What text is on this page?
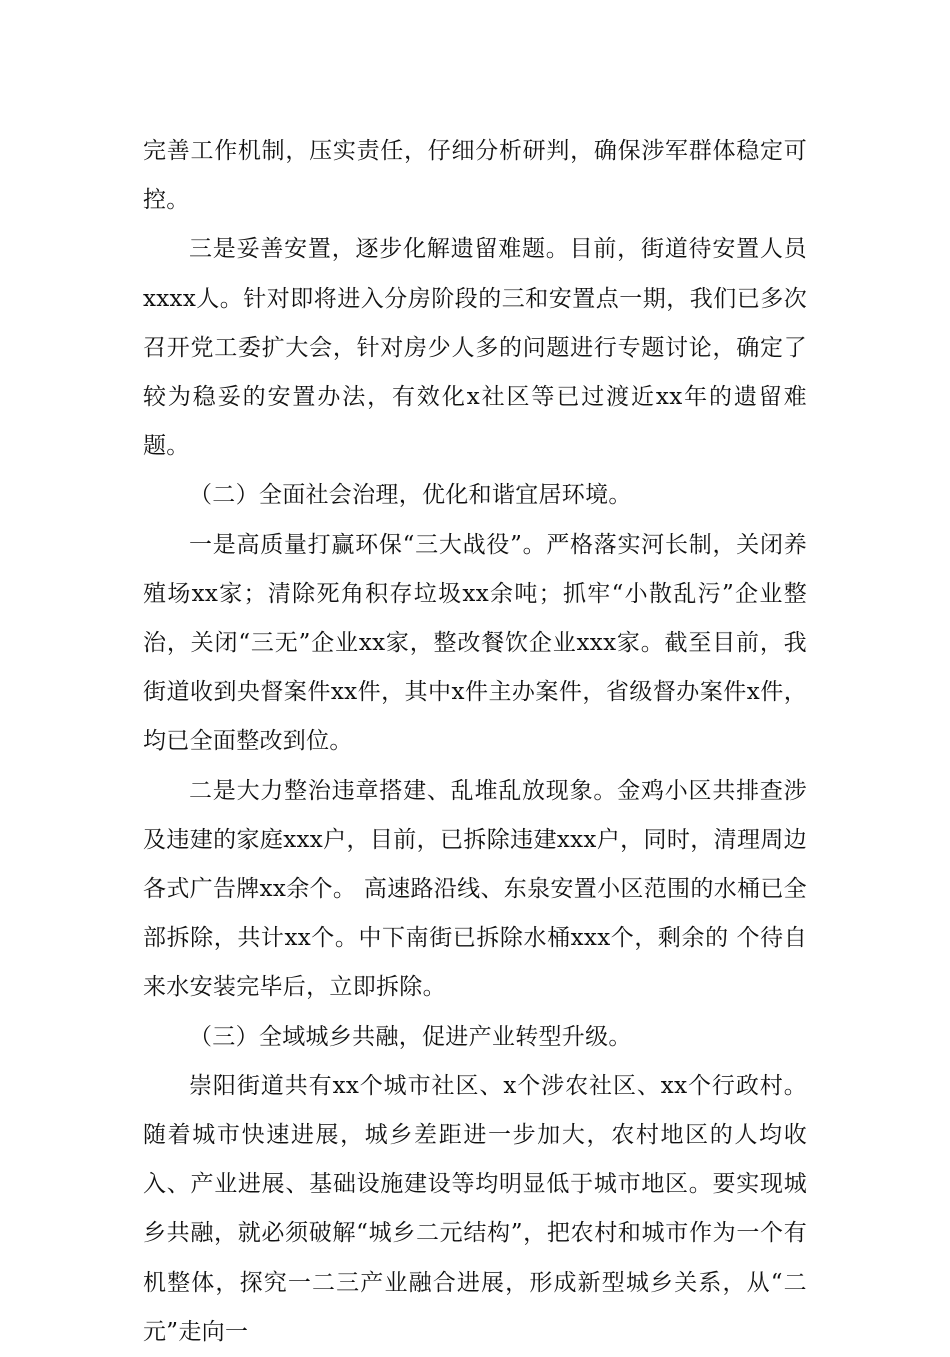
完善工作机制，压实责任，仔细分析研判，确保涉军群体稳定可控。

三是妥善安置，逐步化解遗留难题。目前，街道待安置人员xxxx人。针对即将进入分房阶段的三和安置点一期，我们已多次召开党工委扩大会，针对房少人多的问题进行专题讨论，确定了较为稳妥的安置办法，有效化x社区等已过渡近xx年的遗留难题。

（二）全面社会治理，优化和谐宜居环境。

一是高质量打赢环保“三大战役”。严格落实河长制，关闭养殖场xx家；清除死角积存垃圾xx余吨；抓牢“小散乱污”企业整治，关闭“三无”企业xx家，整改餐饮企业xxx家。截至目前，我街道收到央督案件xx件，其中x件主办案件，省级督办案件x件，均已全面整改到位。

二是大力整治违章搭建、乱堆乱放现象。金鸡小区共排查涉及违建的家庭xxx户，目前，已拆除违建xxx户，同时，清理周边各式广告牌xx余个。 高速路沿线、东泉安置小区范围的水桶已全部拆除，共计xx个。中下南街已拆除水桶xxx个，剩余的 个待自来水安装完毕后，立即拆除。

（三）全域城乡共融，促进产业转型升级。

崇阳街道共有xx个城市社区、x个涉农社区、xx个行政村。随着城市快速进展，城乡差距进一步加大，农村地区的人均收入、产业进展、基础设施建设等均明显低于城市地区。要实现城乡共融，就必须破解“城乡二元结构”，把农村和城市作为一个有机整体，探究一二三产业融合进展，形成新型城乡关系，从“二元”走向一
